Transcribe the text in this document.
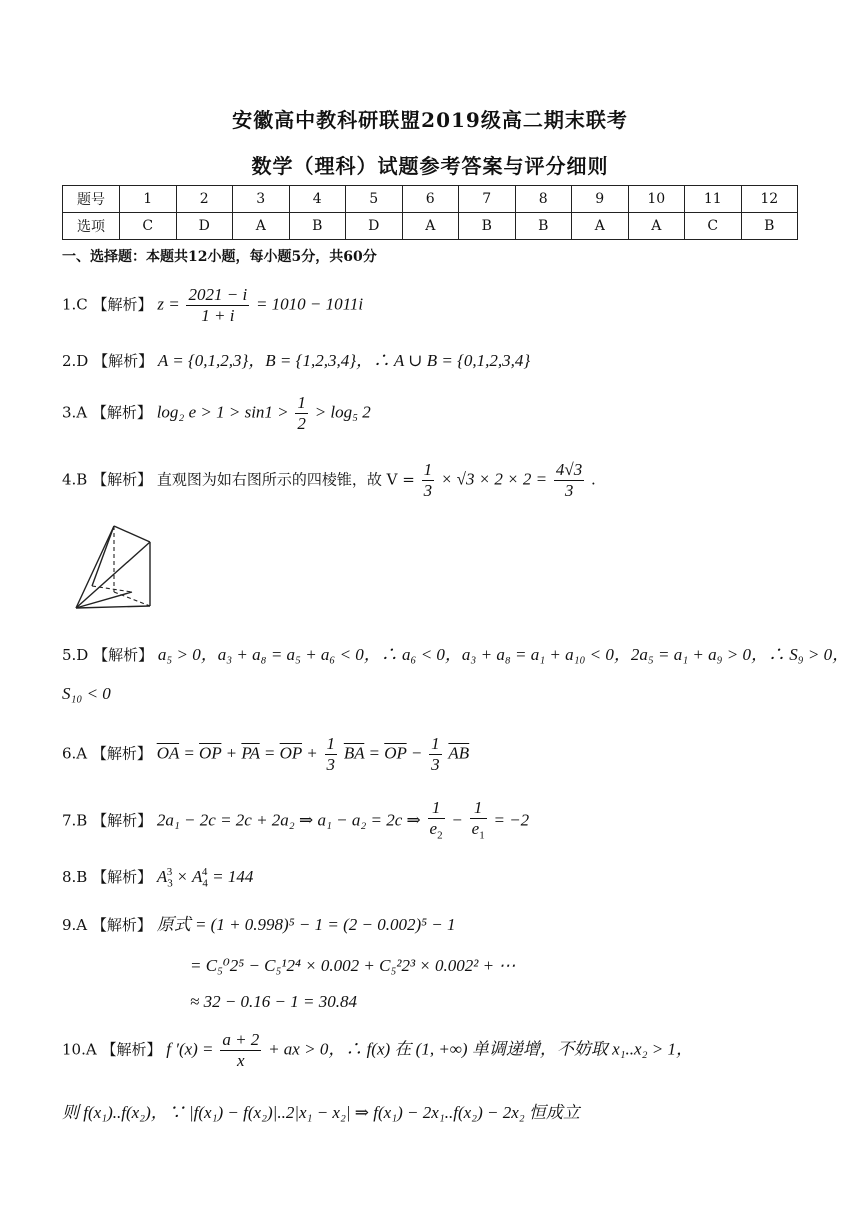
安徽高中教科研联盟2019级高二期末联考
数学（理科）试题参考答案与评分细则
题号	1	2	3	4	5	6	7	8	9	10	11	12
选项	C	D	A	B	D	A	B	B	A	A	C	B
一、选择题：本题共12小题，每小题5分，共60分
1.C 【解析】 $z = \frac{2021 - i}{1 + i} = 1010 - 1011i$
2.D 【解析】 A = {0,1,2,3}，B = {1,2,3,4}，∴ A ∪ B = {0,1,2,3,4}
3.A 【解析】 log₂ $e > 1 > \sin 1 > \frac{1}{2} > \log_5$ 2
4.B 【解析】 直观图为如右图所示的四棱锥，故 $V = \frac{1}{3} \times √3 \times 2 \times 2 = \frac{4√3}{3}$ .
5.D 【解析】 a₅ > 0，a₃ + a₈ = a₅ + a₆ < 0，∴ a₆ < 0，a₃ + a₈ = a₁ + a₁₀ < 0，2a₅ = a₁ + a₉ > 0，∴ S₉ > 0，
S₁₀ < 0
6.A 【解析】 $\overline{OA} = \overline{OP} + \overline{PA} = \overline{OP} + \frac{1}{3} \overline{BA} = \overline{OP} - \frac{1}{3} \overline{AB}$
7.B 【解析】 2a₁ − 2c = 2c + 2a₂ ⇒ a₁ − a₂ = 2c ⇒ $\frac{1}{e_2} - \frac{1}{e_1} = -2$
8.B 【解析】 $A_3^3 \times A_4^4 = 144$
9.A 【解析】 原式 = (1 + 0.998)⁵ − 1 = (2 − 0.002)⁵ − 1
= C₅⁰2⁵ − C₅¹2⁴ × 0.002 + C₅²2³ × 0.002² + ⋯
≈ 32 − 0.16 − 1 = 30.84
10.A 【解析】 f $'(x) = \frac{a + 2}{x}$ + ax > 0，∴ f(x) 在 (1, +∞) 单调递增，不妨取 x₁..x₂ > 1，
则 f(x₁)..f(x₂)，∵ |f(x₁) − f(x₂)|..2|x₁ − x₂| ⇒ f(x₁) − 2x₁..f(x₂) − 2x₂ 恒成立
